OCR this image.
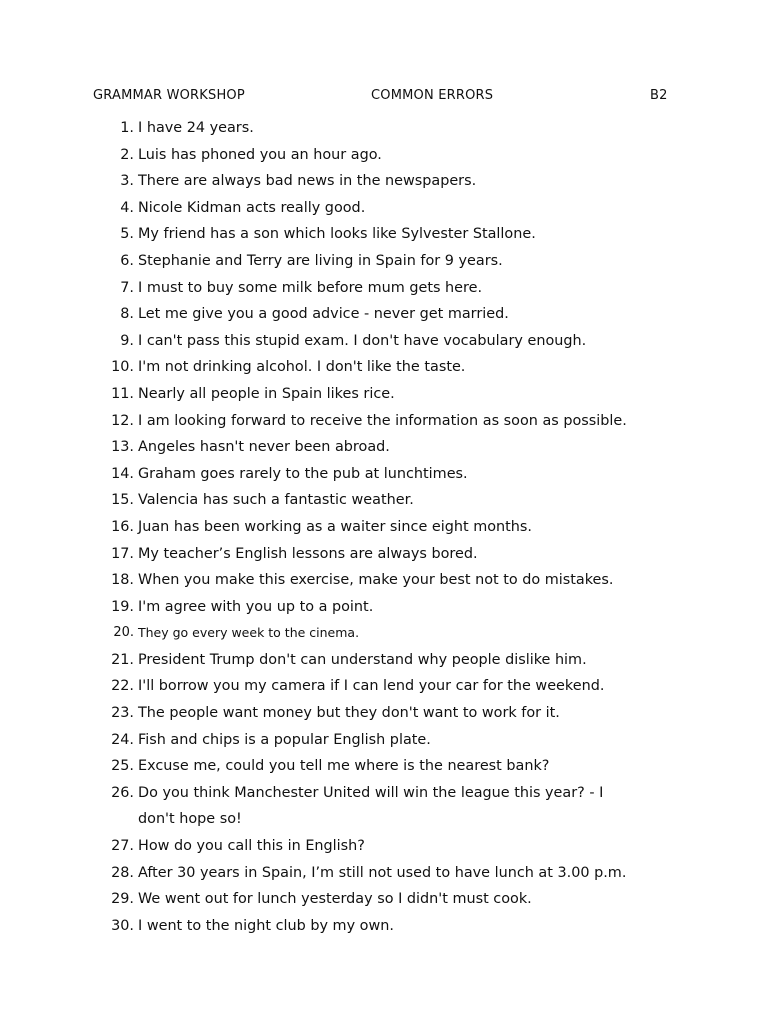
GRAMMAR WORKSHOP	COMMON ERRORS	B2
1. I have 24 years.
2. Luis has phoned you an hour ago.
3. There are always bad news in the newspapers.
4. Nicole Kidman acts really good.
5. My friend has a son which looks like Sylvester Stallone.
6. Stephanie and Terry are living in Spain for 9 years.
7. I must to buy some milk before mum gets here.
8. Let me give you a good advice - never get married.
9. I can't pass this stupid exam. I don't have vocabulary enough.
10. I'm not drinking alcohol. I don't like the taste.
11. Nearly all people in Spain likes rice.
12. I am looking forward to receive the information as soon as possible.
13. Angeles hasn't never been abroad.
14. Graham goes rarely to the pub at lunchtimes.
15. Valencia has such a fantastic weather.
16. Juan has been working as a waiter since eight months.
17. My teacher’s English lessons are always bored.
18. When you make this exercise, make your best not to do mistakes.
19. I'm agree with you up to a point.
20. They go every week to the cinema.
21. President Trump don't can understand why people dislike him.
22. I'll borrow you my camera if I can lend your car for the weekend.
23. The people want money but they don't want to work for it.
24. Fish and chips is a popular English plate.
25. Excuse me, could you tell me where is the nearest bank?
26. Do you think Manchester United will win the league this year? - I
don't hope so!
27. How do you call this in English?
28. After 30 years in Spain, I’m still not used to have lunch at 3.00 p.m.
29. We went out for lunch yesterday so I didn't must cook.
30. I went to the night club by my own.
